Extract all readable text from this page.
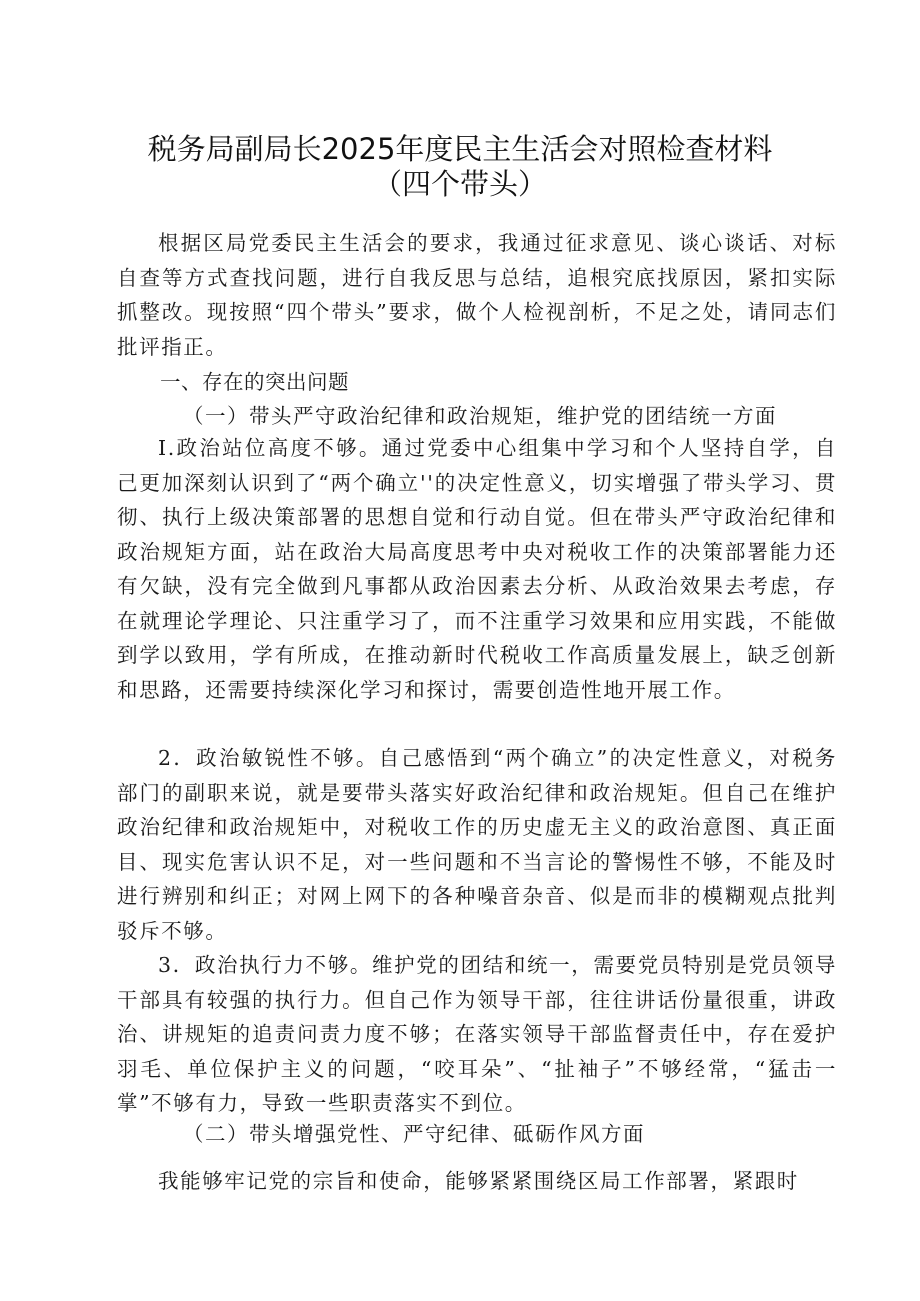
税务局副局长2025年度民主生活会对照检查材料
（四个带头）

根据区局党委民主生活会的要求，我通过征求意见、谈心谈话、对标自查等方式查找问题，进行自我反思与总结，追根究底找原因，紧扣实际抓整改。现按照“四个带头”要求，做个人检视剖析，不足之处，请同志们批评指正。

一、存在的突出问题
（一）带头严守政治纪律和政治规矩，维护党的团结统一方面

I.政治站位高度不够。通过党委中心组集中学习和个人坚持自学，自己更加深刻认识到了“两个确立''的决定性意义，切实增强了带头学习、贯彻、执行上级决策部署的思想自觉和行动自觉。但在带头严守政治纪律和政治规矩方面，站在政治大局高度思考中央对税收工作的决策部署能力还有欠缺，没有完全做到凡事都从政治因素去分析、从政治效果去考虑，存在就理论学理论、只注重学习了，而不注重学习效果和应用实践，不能做到学以致用，学有所成，在推动新时代税收工作高质量发展上，缺乏创新和思路，还需要持续深化学习和探讨，需要创造性地开展工作。

2．政治敏锐性不够。自己感悟到“两个确立”的决定性意义，对税务部门的副职来说，就是要带头落实好政治纪律和政治规矩。但自己在维护政治纪律和政治规矩中，对税收工作的历史虚无主义的政治意图、真正面目、现实危害认识不足，对一些问题和不当言论的警惕性不够，不能及时进行辨别和纠正；对网上网下的各种噪音杂音、似是而非的模糊观点批判驳斥不够。

3．政治执行力不够。维护党的团结和统一，需要党员特别是党员领导干部具有较强的执行力。但自己作为领导干部，往往讲话份量很重，讲政治、讲规矩的追责问责力度不够；在落实领导干部监督责任中，存在爱护羽毛、单位保护主义的问题，“咬耳朵”、“扯袖子”不够经常，“猛击一掌”不够有力，导致一些职责落实不到位。

（二）带头增强党性、严守纪律、砥砺作风方面

我能够牢记党的宗旨和使命，能够紧紧围绕区局工作部署，紧跟时
